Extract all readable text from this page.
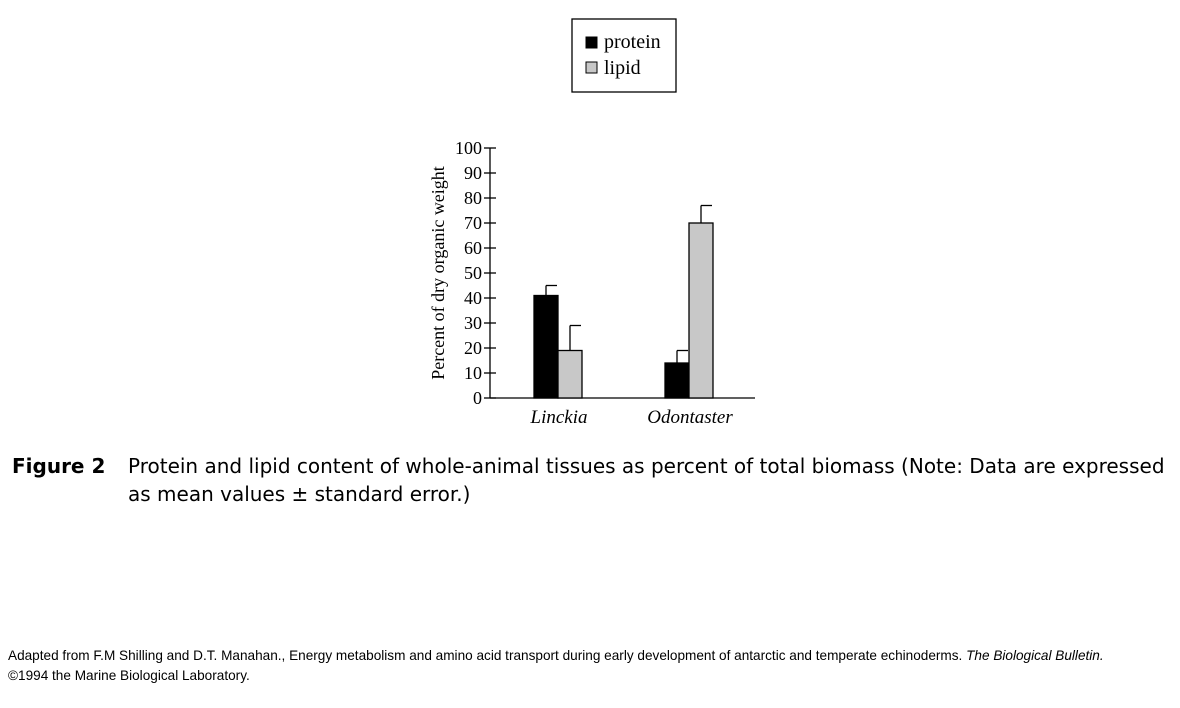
protein
lipid
0
10
20
30
40
50
60
70
80
90
100
Percent of dry organic weight
Linckia	Odontaster
Figure 2	Protein and lipid content of whole-animal tissues as percent of total biomass (Note: Data are expressed as mean values ± standard error.)
Adapted from F.M Shilling and D.T. Manahan., Energy metabolism and amino acid transport during early development of antarctic and temperate echinoderms. The Biological Bulletin.
©1994 the Marine Biological Laboratory.
